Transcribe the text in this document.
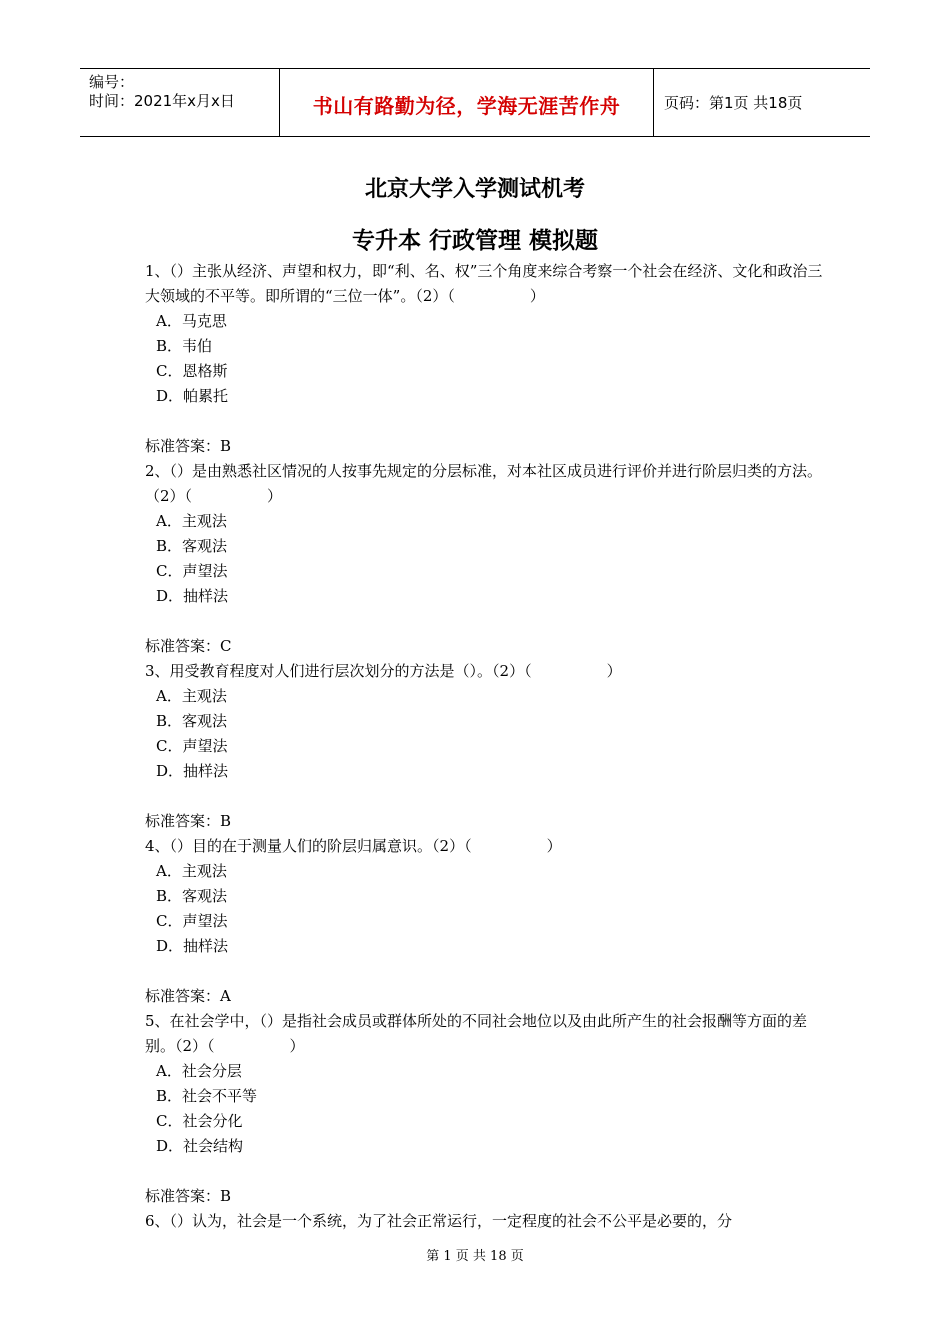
编号：
时间：2021年x月x日	书山有路勤为径，学海无涯苦作舟	页码：第1页 共18页
北京大学入学测试机考
专升本 行政管理 模拟题

1、（）主张从经济、声望和权力，即“利、名、权”三个角度来综合考察一个社会在经济、文化和政治三大领域的不平等。即所谓的“三位一体”。（2）（　　　　　）

A．马克思

B．韦伯

C．恩格斯

D．帕累托

标准答案：B

2、（）是由熟悉社区情况的人按事先规定的分层标准，对本社区成员进行评价并进行阶层归类的方法。（2）（　　　　　）

A．主观法

B．客观法

C．声望法

D．抽样法

标准答案：C

3、用受教育程度对人们进行层次划分的方法是（）。（2）（　　　　　）

A．主观法

B．客观法

C．声望法

D．抽样法

标准答案：B

4、（）目的在于测量人们的阶层归属意识。（2）（　　　　　）

A．主观法

B．客观法

C．声望法

D．抽样法

标准答案：A

5、在社会学中，（）是指社会成员或群体所处的不同社会地位以及由此所产生的社会报酬等方面的差别。（2）（　　　　　）

A．社会分层

B．社会不平等

C．社会分化

D．社会结构

标准答案：B

6、（）认为，社会是一个系统，为了社会正常运行，一定程度的社会不公平是必要的，分

第 1 页 共 18 页
